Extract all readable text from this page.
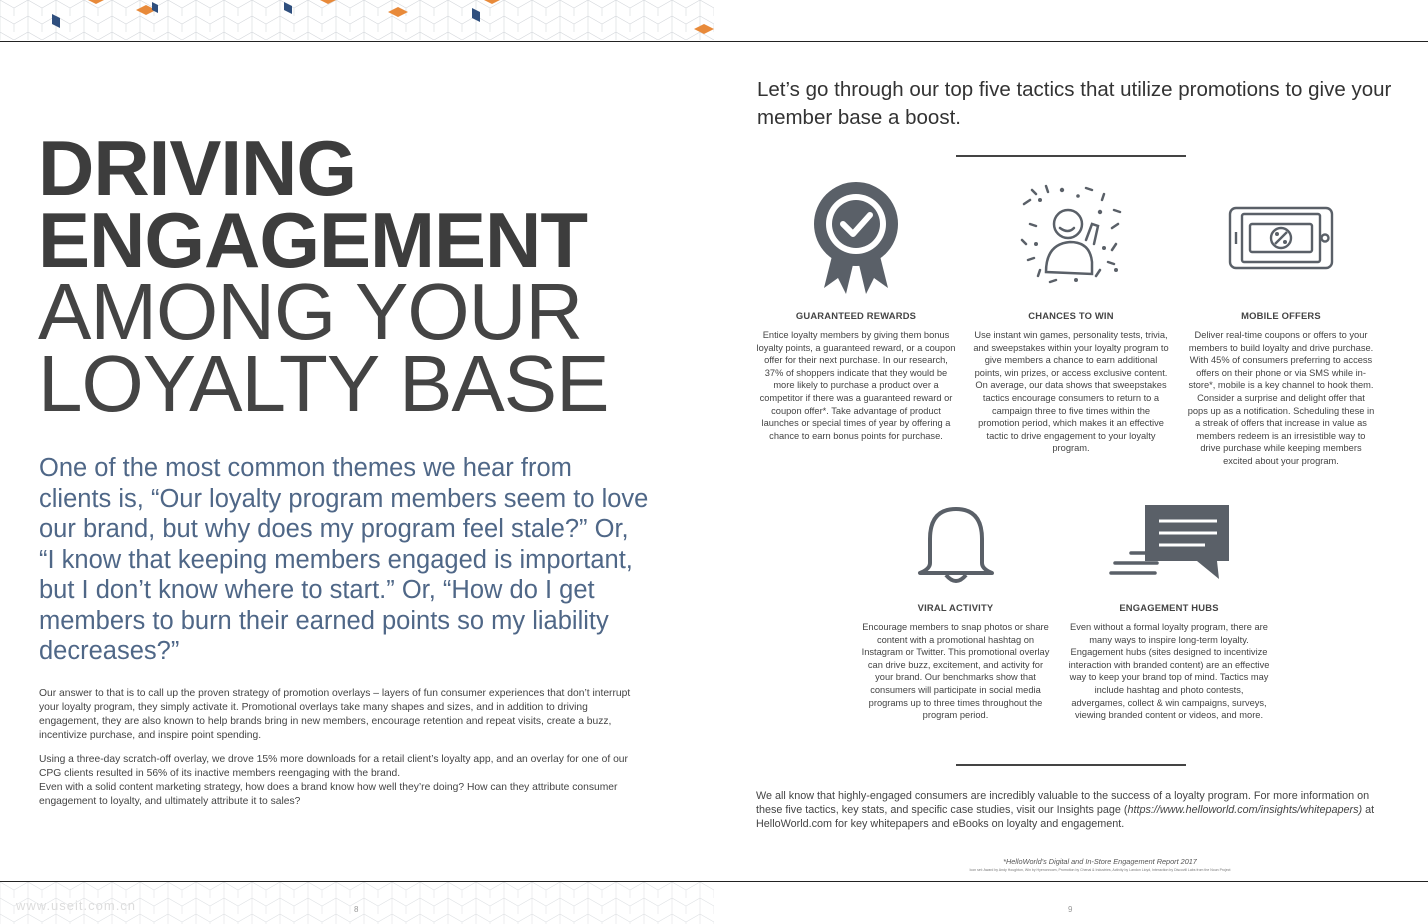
DRIVING
ENGAGEMENT
AMONG YOUR
LOYALTY BASE

One of the most common themes we hear from clients is, “Our loyalty program members seem to love our brand, but why does my program feel stale?” Or, “I know that keeping members engaged is important, but I don’t know where to start.” Or, “How do I get members to burn their earned points so my liability decreases?”

Our answer to that is to call up the proven strategy of promotion overlays – layers of fun consumer experiences that don’t interrupt your loyalty program, they simply activate it. Promotional overlays take many shapes and sizes, and in addition to driving engagement, they are also known to help brands bring in new members, encourage retention and repeat visits, create a buzz, incentivize purchase, and inspire point spending.

Using a three-day scratch-off overlay, we drove 15% more downloads for a retail client’s loyalty app, and an overlay for one of our CPG clients resulted in 56% of its inactive members reengaging with the brand.

Even with a solid content marketing strategy, how does a brand know how well they’re doing? How can they attribute consumer engagement to loyalty, and ultimately attribute it to sales?

Let’s go through our top five tactics that utilize promotions to give your member base a boost.

GUARANTEED REWARDS

Entice loyalty members by giving them bonus loyalty points, a guaranteed reward, or a coupon offer for their next purchase. In our research, 37% of shoppers indicate that they would be more likely to purchase a product over a competitor if there was a guaranteed reward or coupon offer*. Take advantage of product launches or special times of year by offering a chance to earn bonus points for purchase.

CHANCES TO WIN

Use instant win games, personality tests, trivia, and sweepstakes within your loyalty program to give members a chance to earn additional points, win prizes, or access exclusive content. On average, our data shows that sweepstakes tactics encourage consumers to return to a campaign three to five times within the promotion period, which makes it an effective tactic to drive engagement to your loyalty program.

MOBILE OFFERS

Deliver real-time coupons or offers to your members to build loyalty and drive purchase. With 45% of consumers preferring to access offers on their phone or via SMS while in-store*, mobile is a key channel to hook them. Consider a surprise and delight offer that pops up as a notification. Scheduling these in a streak of offers that increase in value as members redeem is an irresistible way to drive purchase while keeping members excited about your program.

VIRAL ACTIVITY

Encourage members to snap photos or share content with a promotional hashtag on Instagram or Twitter. This promotional overlay can drive buzz, excitement, and activity for your brand. Our benchmarks show that consumers will participate in social media programs up to three times throughout the program period.

ENGAGEMENT HUBS

Even without a formal loyalty program, there are many ways to inspire long-term loyalty. Engagement hubs (sites designed to incentivize interaction with branded content) are an effective way to keep your brand top of mind. Tactics may include hashtag and photo contests, advergames, collect & win campaigns, surveys, viewing branded content or videos, and more.

We all know that highly-engaged consumers are incredibly valuable to the success of a loyalty program. For more information on these five tactics, key stats, and specific case studies, visit our Insights page (https://www.helloworld.com/insights/whitepapers) at HelloWorld.com for key whitepapers and eBooks on loyalty and engagement.

*HelloWorld’s Digital and In-Store Engagement Report 2017
Icon set: Award by Andy Houghton, Win by Hyenonroom, Promotion by Chenai & Industries, Activity by Landon Lloyd, Interaction by Discovill Labs from the Noun Project
www.useit.com.cn	8	9
